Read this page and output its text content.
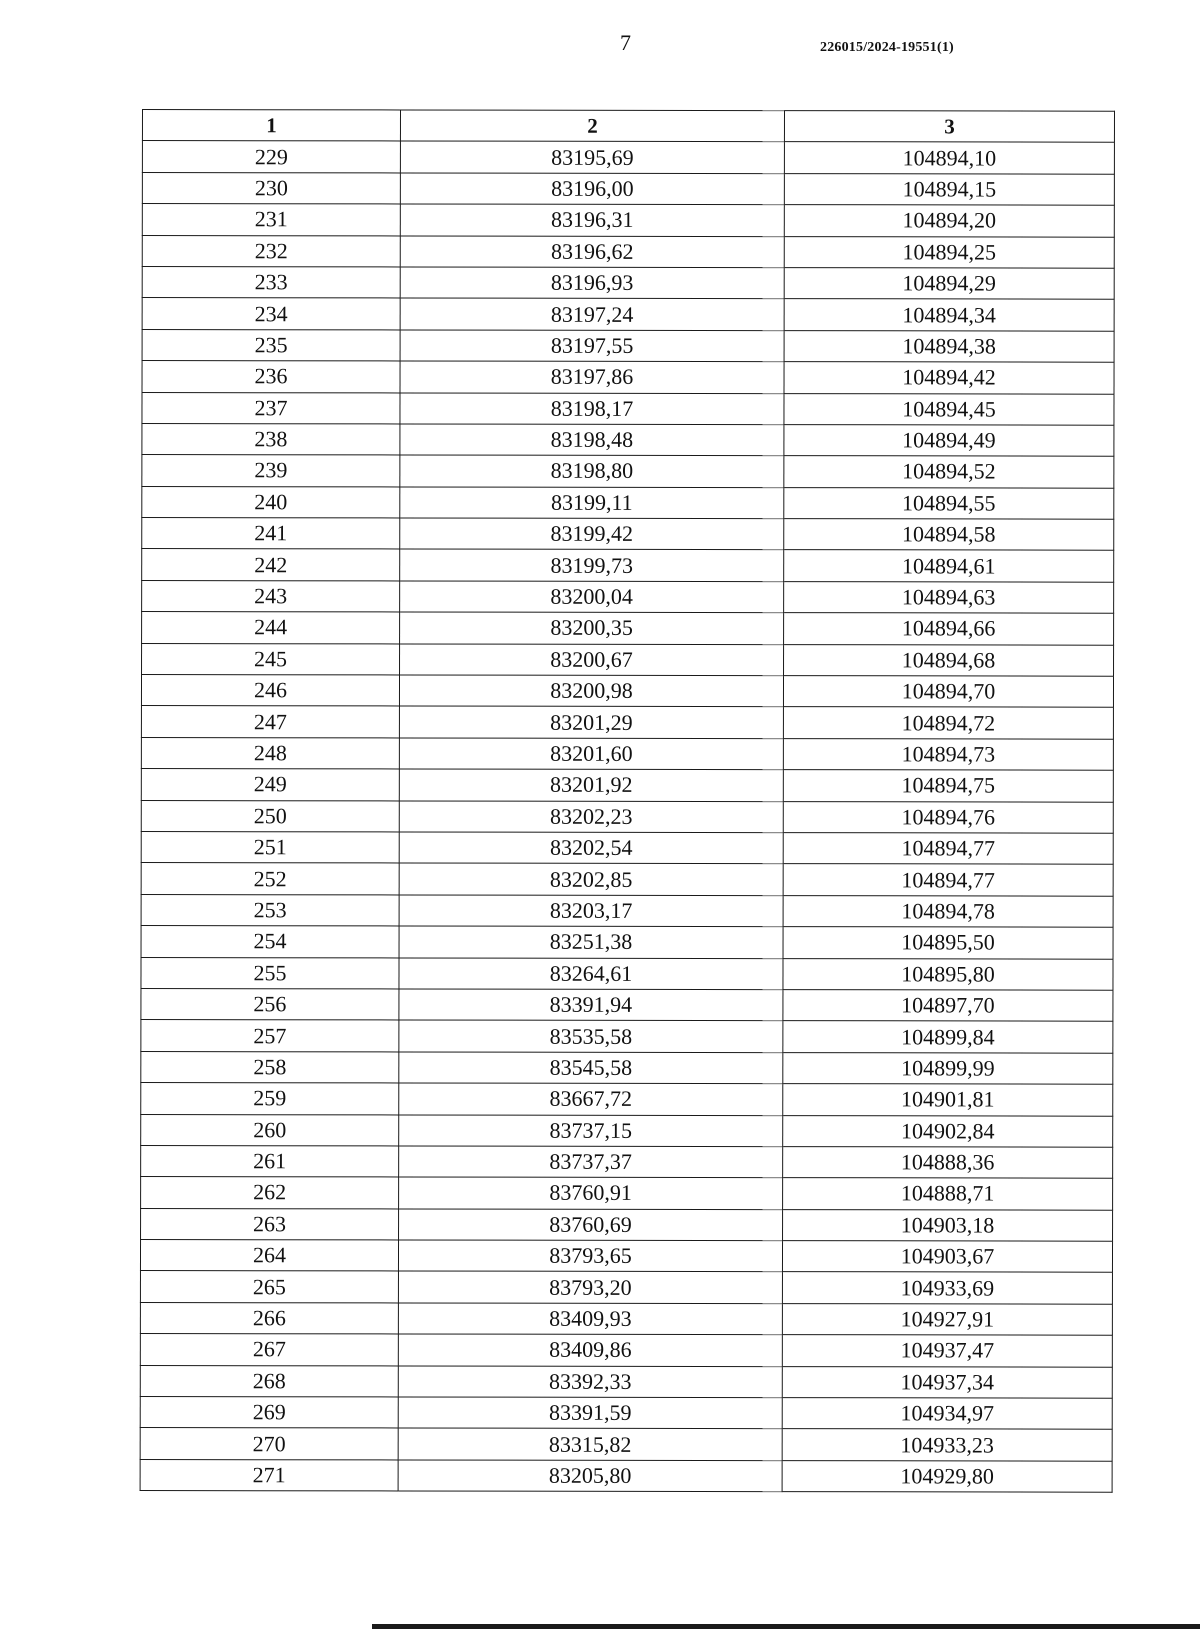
7	226015/2024-19551(1)
1	2	3
229	83195,69	104894,10
230	83196,00	104894,15
231	83196,31	104894,20
232	83196,62	104894,25
233	83196,93	104894,29
234	83197,24	104894,34
235	83197,55	104894,38
236	83197,86	104894,42
237	83198,17	104894,45
238	83198,48	104894,49
239	83198,80	104894,52
240	83199,11	104894,55
241	83199,42	104894,58
242	83199,73	104894,61
243	83200,04	104894,63
244	83200,35	104894,66
245	83200,67	104894,68
246	83200,98	104894,70
247	83201,29	104894,72
248	83201,60	104894,73
249	83201,92	104894,75
250	83202,23	104894,76
251	83202,54	104894,77
252	83202,85	104894,77
253	83203,17	104894,78
254	83251,38	104895,50
255	83264,61	104895,80
256	83391,94	104897,70
257	83535,58	104899,84
258	83545,58	104899,99
259	83667,72	104901,81
260	83737,15	104902,84
261	83737,37	104888,36
262	83760,91	104888,71
263	83760,69	104903,18
264	83793,65	104903,67
265	83793,20	104933,69
266	83409,93	104927,91
267	83409,86	104937,47
268	83392,33	104937,34
269	83391,59	104934,97
270	83315,82	104933,23
271	83205,80	104929,80
